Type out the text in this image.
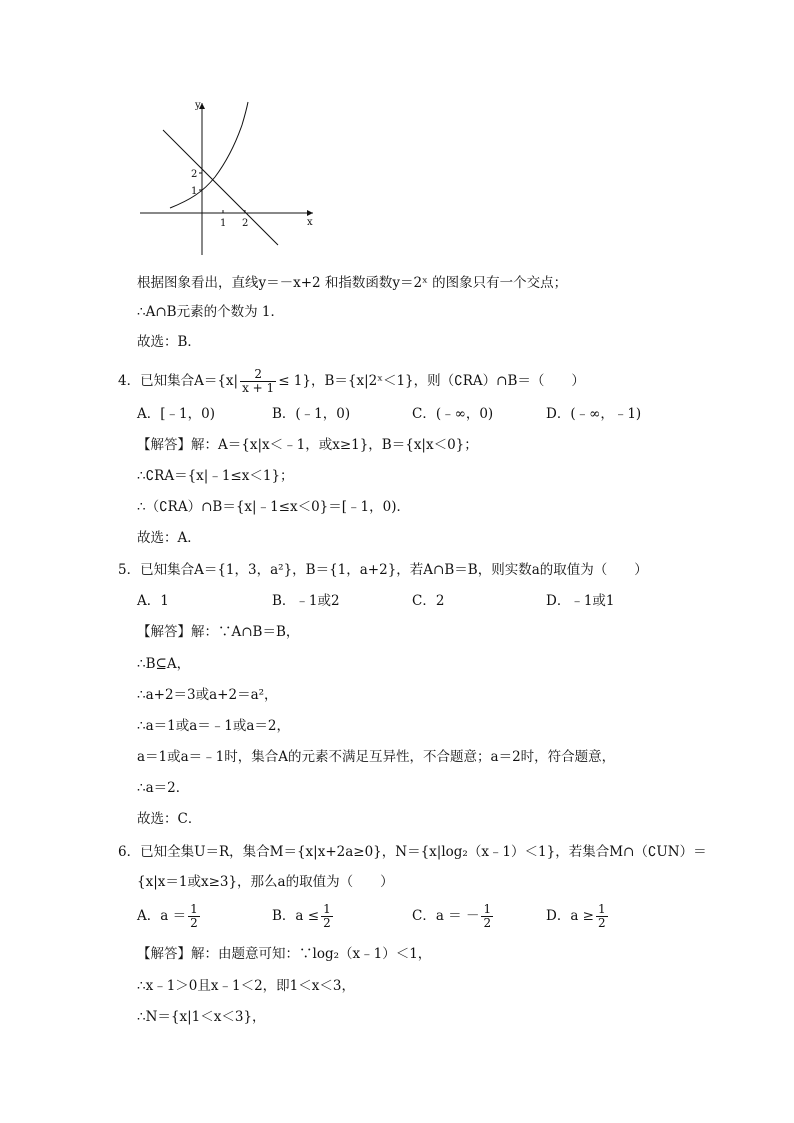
y
x
2
1
1 2
根据图象看出，直线y＝－x+2 和指数函数y＝2ˣ 的图象只有一个交点；
∴A∩B元素的个数为 1．
故选：B．
4．已知集合$A=\{x| \frac{2}{x + 1} \le 1\}$，B＝{x|2ˣ＜1}，则（∁RA）∩B＝（　　）
A．[﹣1，0)	B．(﹣1，0)	C．(﹣∞，0)	D．(﹣∞，﹣1)
【解答】解：A＝{x|x＜﹣1，或x≥1}，B＝{x|x＜0}；
∴∁RA＝{x|﹣1≤x＜1}；
∴（∁RA）∩B＝{x|﹣1≤x＜0}＝[﹣1，0)．
故选：A．
5．已知集合A＝{1，3，a²}，B＝{1，a+2}，若A∩B＝B，则实数a的取值为（　　）
A．1	B．﹣1或2	C．2	D．﹣1或1
【解答】解：∵A∩B＝B，
∴B⊆A，
∴a+2＝3或a+2＝a²，
∴a＝1或a＝﹣1或a＝2，
a＝1或a＝﹣1时，集合A的元素不满足互异性，不合题意；a＝2时，符合题意，
∴a＝2．
故选：C．
6．已知全集U＝R，集合M＝{x|x+2a≥0}，N＝{x|log₂（x﹣1）＜1}，若集合M∩（∁UN）＝
{x|x＝1或x≥3}，那么a的取值为（　　）
A．$a = \frac{1}{2}$	B．$a \le \frac{1}{2}$	C．a ＝ － $\frac{1}{2}$	D．$a \ge \frac{1}{2}$
【解答】解：由题意可知：∵log₂（x﹣1）＜1，
∴x﹣1＞0且x﹣1＜2，即1＜x＜3，
∴N＝{x|1＜x＜3}，
